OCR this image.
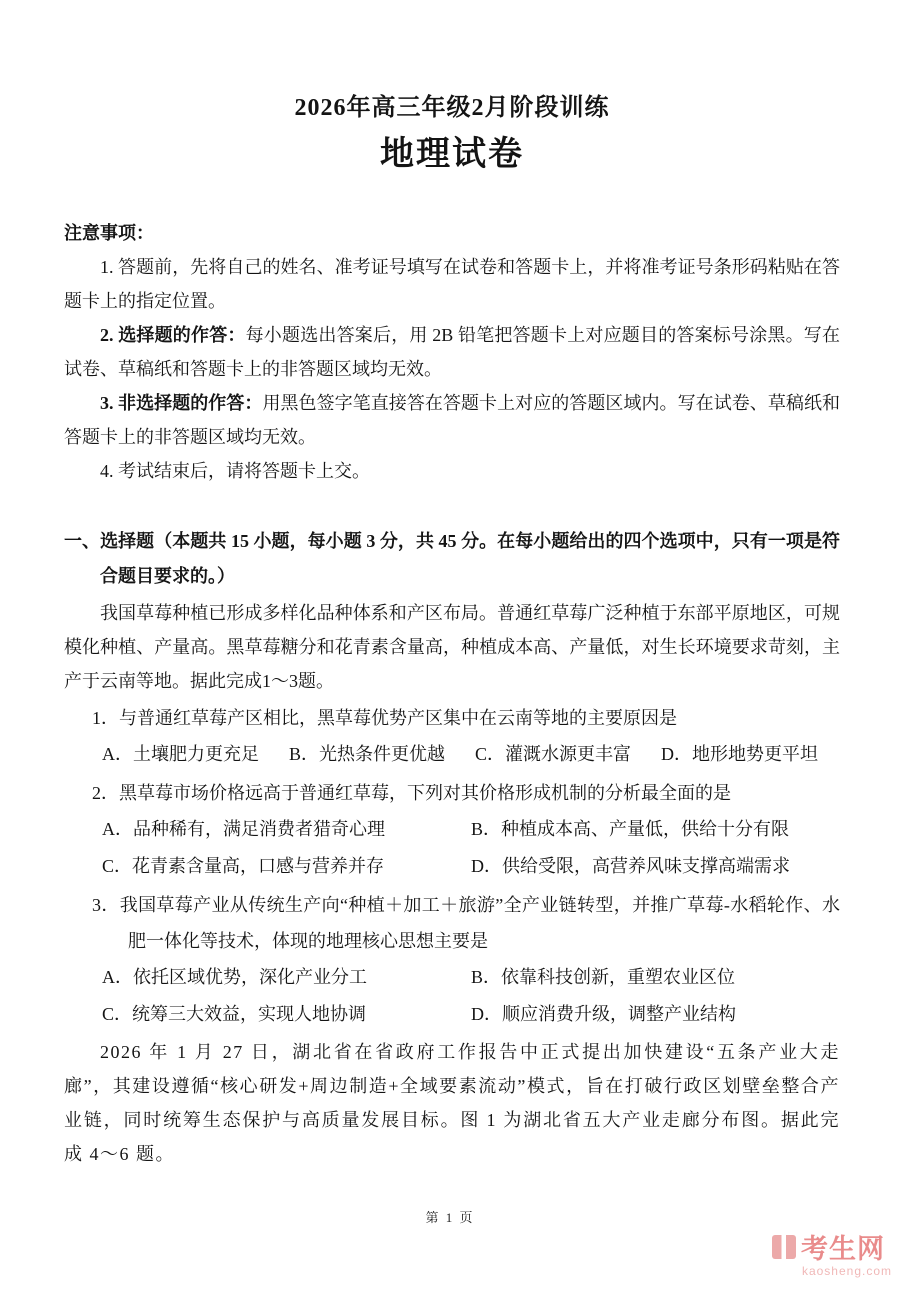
2026年高三年级2月阶段训练
地理试卷
注意事项：

1. 答题前，先将自己的姓名、准考证号填写在试卷和答题卡上，并将准考证号条形码粘贴在答题卡上的指定位置。

2. 选择题的作答：每小题选出答案后，用 2B 铅笔把答题卡上对应题目的答案标号涂黑。写在试卷、草稿纸和答题卡上的非答题区域均无效。

3. 非选择题的作答：用黑色签字笔直接答在答题卡上对应的答题区域内。写在试卷、草稿纸和答题卡上的非答题区域均无效。

4. 考试结束后，请将答题卡上交。

一、选择题（本题共 15 小题，每小题 3 分，共 45 分。在每小题给出的四个选项中，只有一项是符合题目要求的。）

我国草莓种植已形成多样化品种体系和产区布局。普通红草莓广泛种植于东部平原地区，可规模化种植、产量高。黑草莓糖分和花青素含量高，种植成本高、产量低，对生长环境要求苛刻，主产于云南等地。据此完成1～3题。

1．与普通红草莓产区相比，黑草莓优势产区集中在云南等地的主要原因是

A．土壤肥力更充足 B．光热条件更优越 C．灌溉水源更丰富 D．地形地势更平坦

2．黑草莓市场价格远高于普通红草莓，下列对其价格形成机制的分析最全面的是

A．品种稀有，满足消费者猎奇心理	B．种植成本高、产量低，供给十分有限
C．花青素含量高，口感与营养并存	D．供给受限，高营养风味支撑高端需求

3．我国草莓产业从传统生产向“种植＋加工＋旅游”全产业链转型，并推广草莓-水稻轮作、水肥一体化等技术，体现的地理核心思想主要是

A．依托区域优势，深化产业分工	B．依靠科技创新，重塑农业区位
C．统筹三大效益，实现人地协调	D．顺应消费升级，调整产业结构

2026 年 1 月 27 日，湖北省在省政府工作报告中正式提出加快建设“五条产业大走廊”，其建设遵循“核心研发+周边制造+全域要素流动”模式，旨在打破行政区划壁垒整合产业链，同时统筹生态保护与高质量发展目标。图 1 为湖北省五大产业走廊分布图。据此完成 4～6 题。

第 1 页
考生网
kaosheng.com
